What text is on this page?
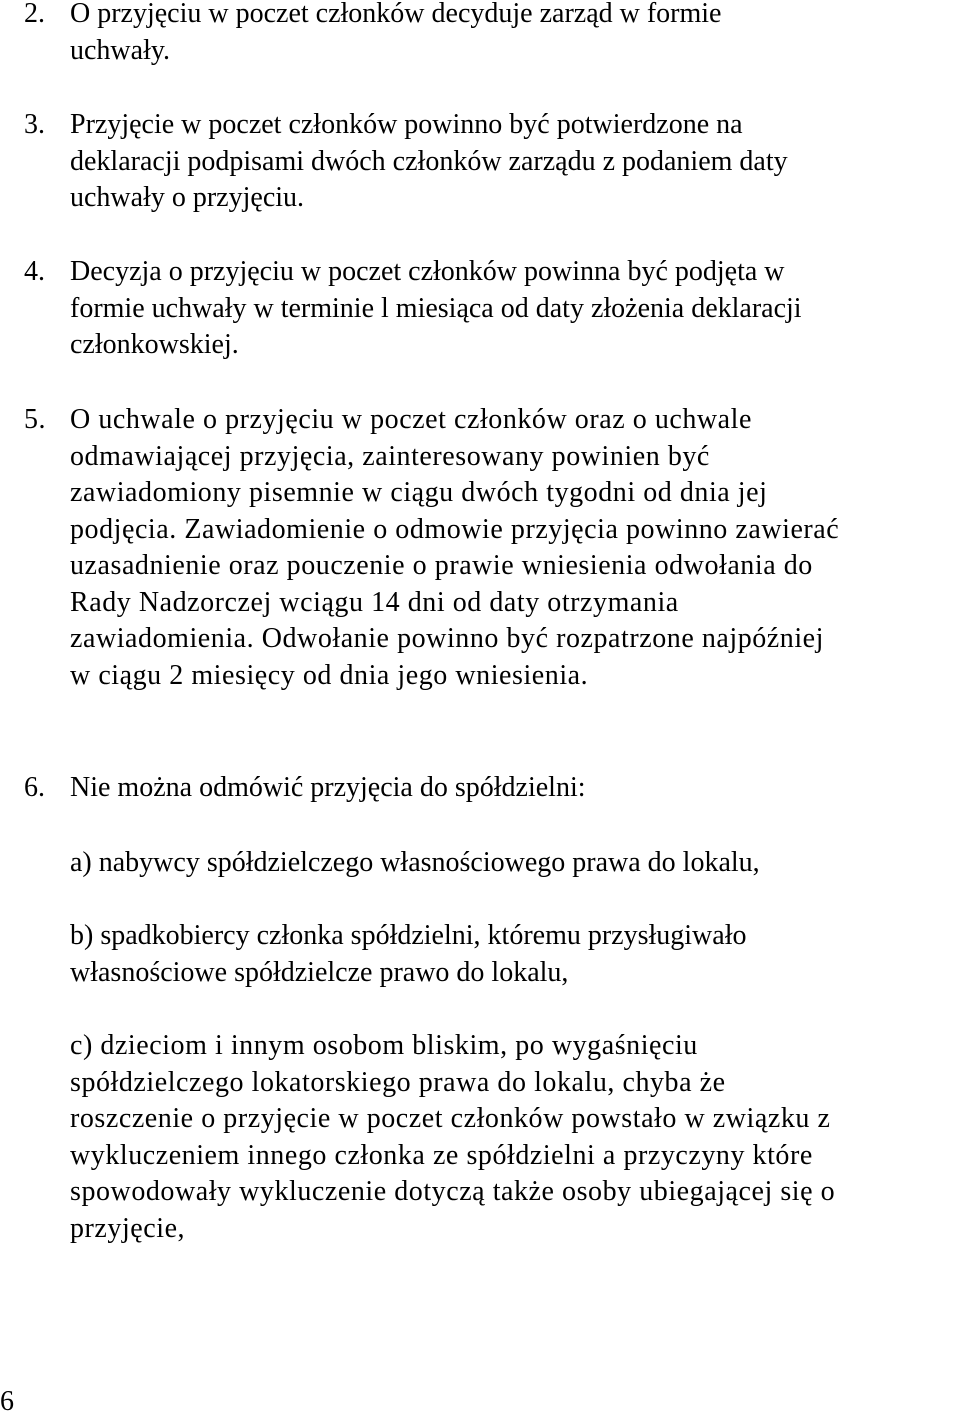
2. O przyjęciu w poczet członków decyduje zarząd w formie
uchwały.
3. Przyjęcie w poczet członków powinno być potwierdzone na
deklaracji podpisami dwóch członków zarządu z podaniem daty
uchwały o przyjęciu.
4. Decyzja o przyjęciu w poczet członków powinna być podjęta w
formie uchwały w terminie l miesiąca od daty złożenia deklaracji
członkowskiej.
5. O uchwale o przyjęciu w poczet członków oraz o uchwale
odmawiającej przyjęcia, zainteresowany powinien być
zawiadomiony pisemnie w ciągu dwóch tygodni od dnia jej
podjęcia. Zawiadomienie o odmowie przyjęcia powinno zawierać
uzasadnienie oraz pouczenie o prawie wniesienia odwołania do
Rady Nadzorczej wciągu 14 dni od daty otrzymania
zawiadomienia. Odwołanie powinno być rozpatrzone najpóźniej
w ciągu 2 miesięcy od dnia jego wniesienia.
6. Nie można odmówić przyjęcia do spółdzielni:
a) nabywcy spółdzielczego własnościowego prawa do lokalu,
b) spadkobiercy członka spółdzielni, któremu przysługiwało
własnościowe spółdzielcze prawo do lokalu,
c) dzieciom i innym osobom bliskim, po wygaśnięciu
spółdzielczego lokatorskiego prawa do lokalu, chyba że
roszczenie o przyjęcie w poczet członków powstało w związku z
wykluczeniem innego członka ze spółdzielni a przyczyny które
spowodowały wykluczenie dotyczą także osoby ubiegającej się o
przyjęcie,
6
